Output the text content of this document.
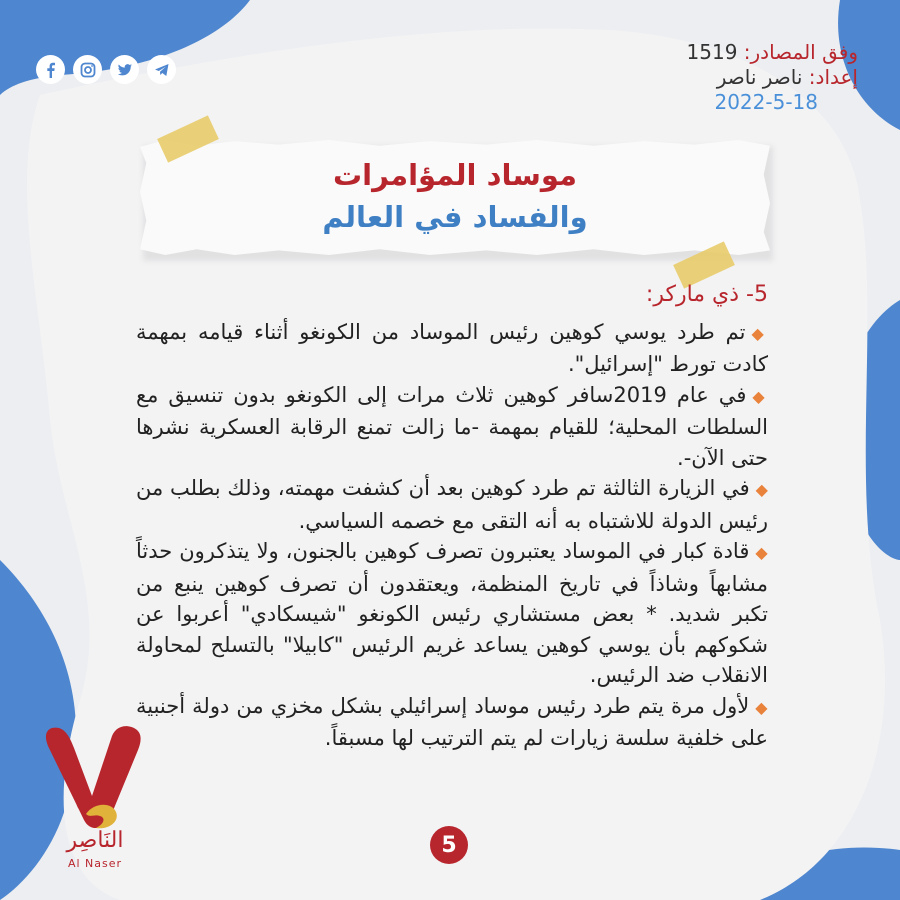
وفق المصادر: 1519
إعداد: ناصر ناصر
2022-5-18
موساد المؤامرات
والفساد في العالم
5- ذي ماركر:

◆تم طرد يوسي كوهين رئيس الموساد من الكونغو أثناء قيامه بمهمة كادت تورط "إسرائيل".

◆في عام 2019سافر كوهين ثلاث مرات إلى الكونغو بدون تنسيق مع السلطات المحلية؛ للقيام بمهمة -ما زالت تمنع الرقابة العسكرية نشرها حتى الآن-.

◆في الزيارة الثالثة تم طرد كوهين بعد أن كشفت مهمته، وذلك بطلب من رئيس الدولة للاشتباه به أنه التقى مع خصمه السياسي.

◆قادة كبار في الموساد يعتبرون تصرف كوهين بالجنون، ولا يتذكرون حدثاً مشابهاً وشاذاً في تاريخ المنظمة، ويعتقدون أن تصرف كوهين ينبع من تكبر شديد. * بعض مستشاري رئيس الكونغو "شيسكادي" أعربوا عن شكوكهم بأن يوسي كوهين يساعد غريم الرئيس "كابيلا" بالتسلح لمحاولة الانقلاب ضد الرئيس.

◆لأول مرة يتم طرد رئيس موساد إسرائيلي بشكل مخزي من دولة أجنبية على خلفية سلسة زيارات لم يتم الترتيب لها مسبقاً.

النَاصِر
Al Naser
5
